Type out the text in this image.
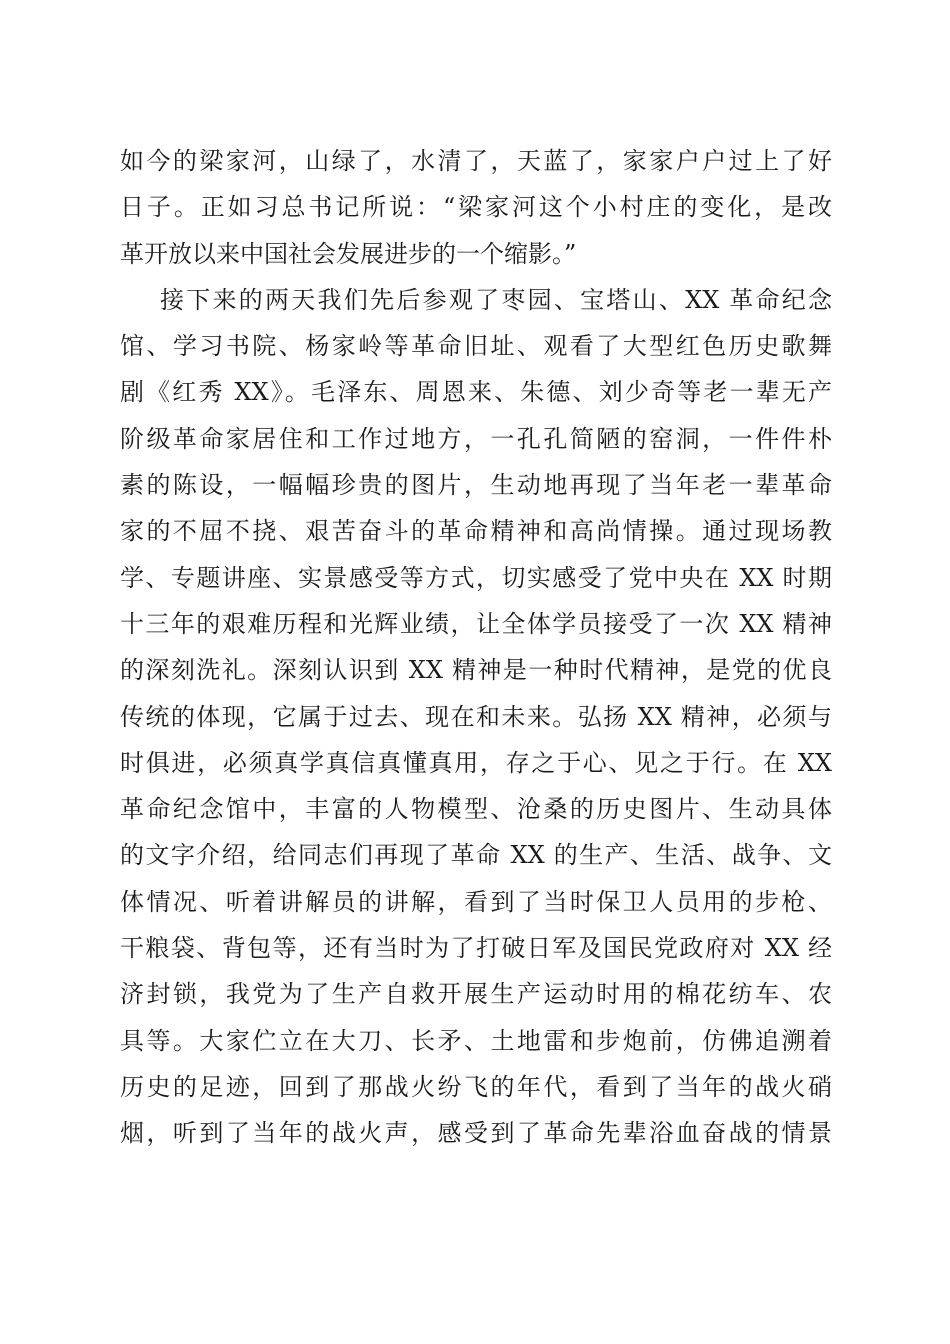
如今的梁家河，山绿了，水清了，天蓝了，家家户户过上了好
日子。正如习总书记所说：“梁家河这个小村庄的变化，是改
革开放以来中国社会发展进步的一个缩影。”
接下来的两天我们先后参观了枣园、宝塔山、XX 革命纪念
馆、学习书院、杨家岭等革命旧址、观看了大型红色历史歌舞
剧《红秀 XX》。毛泽东、周恩来、朱德、刘少奇等老一辈无产
阶级革命家居住和工作过地方，一孔孔简陋的窑洞，一件件朴
素的陈设，一幅幅珍贵的图片，生动地再现了当年老一辈革命
家的不屈不挠、艰苦奋斗的革命精神和高尚情操。通过现场教
学、专题讲座、实景感受等方式，切实感受了党中央在 XX 时期
十三年的艰难历程和光辉业绩，让全体学员接受了一次 XX 精神
的深刻洗礼。深刻认识到 XX 精神是一种时代精神，是党的优良
传统的体现，它属于过去、现在和未来。弘扬 XX 精神，必须与
时俱进，必须真学真信真懂真用，存之于心、见之于行。在 XX
革命纪念馆中，丰富的人物模型、沧桑的历史图片、生动具体
的文字介绍，给同志们再现了革命 XX 的生产、生活、战争、文
体情况、听着讲解员的讲解，看到了当时保卫人员用的步枪、
干粮袋、背包等，还有当时为了打破日军及国民党政府对 XX 经
济封锁，我党为了生产自救开展生产运动时用的棉花纺车、农
具等。大家伫立在大刀、长矛、土地雷和步炮前，仿佛追溯着
历史的足迹，回到了那战火纷飞的年代，看到了当年的战火硝
烟，听到了当年的战火声，感受到了革命先辈浴血奋战的情景
